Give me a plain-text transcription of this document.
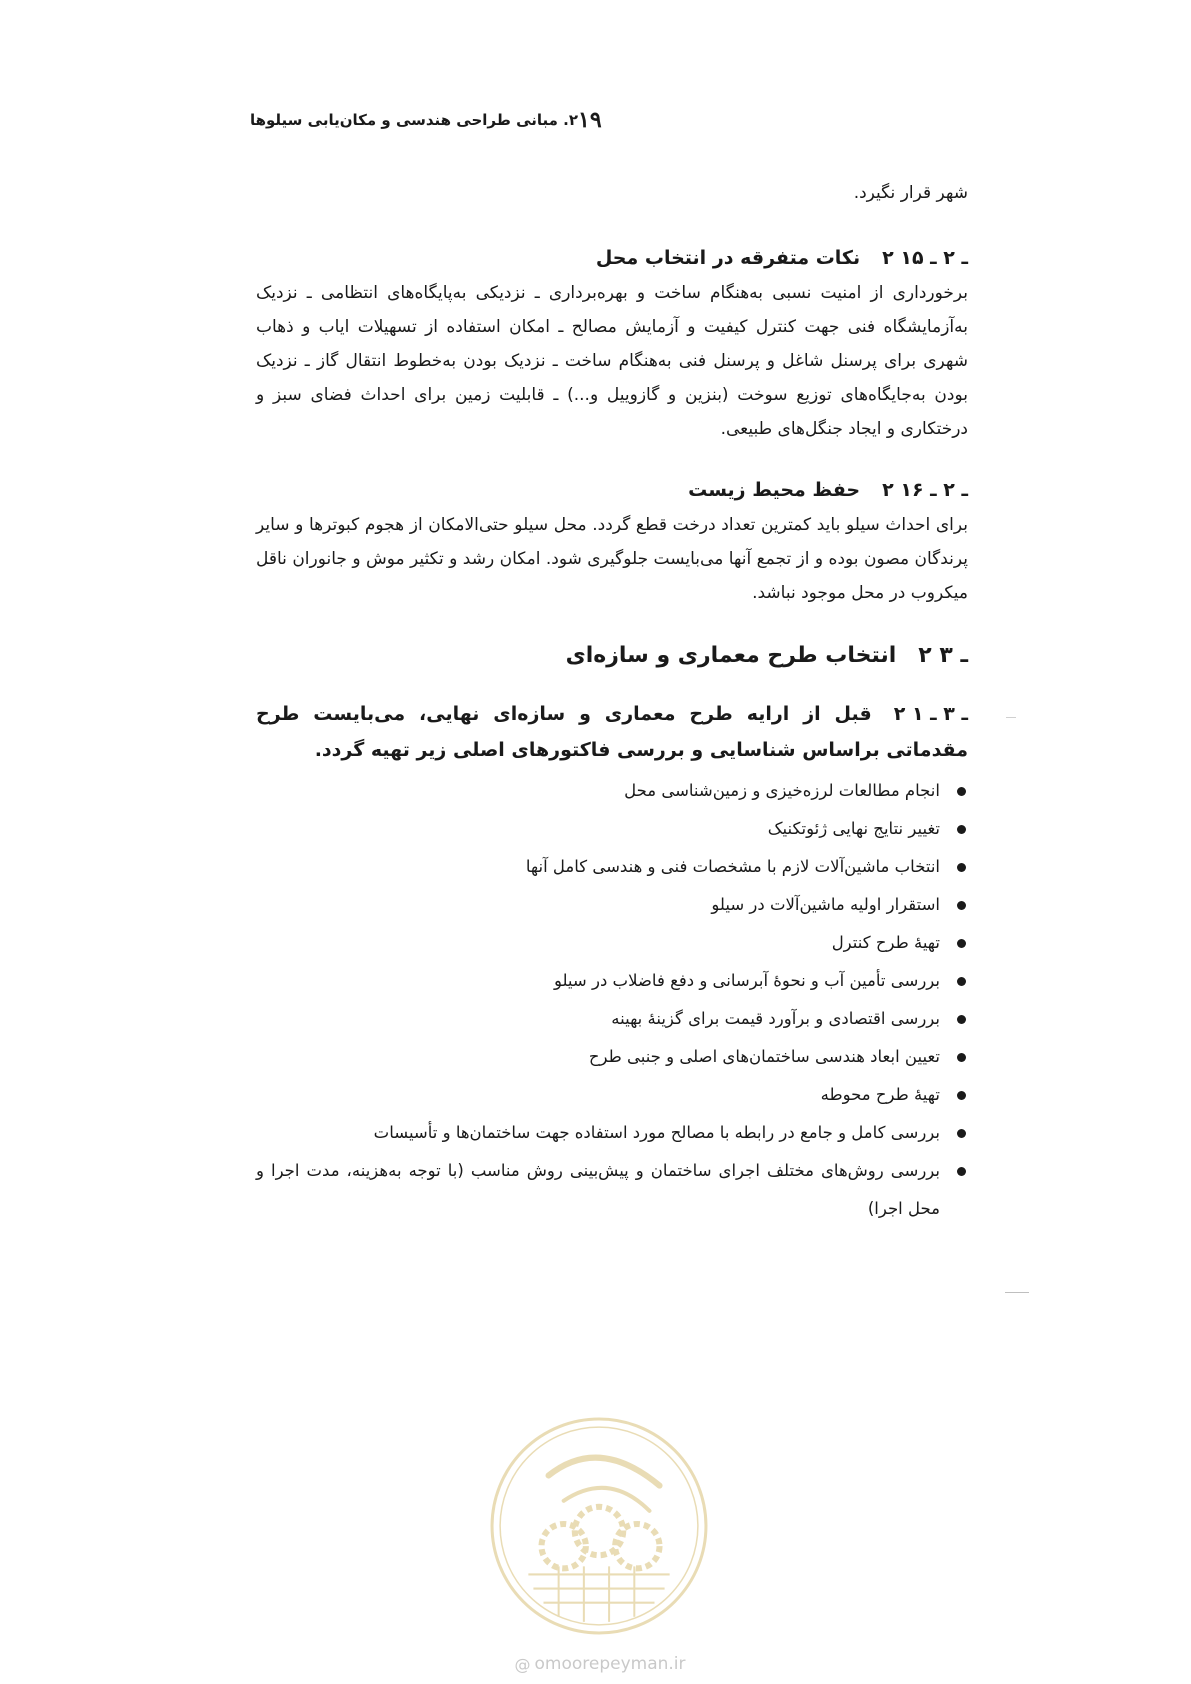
۲. مبانی طراحی هندسی و مکان‌یابی سیلوها ۱۹

شهر قرار نگیرد.

۲ ـ ۲ ـ ۱۵
نکات متفرقه در انتخاب محل

برخورداری از امنیت نسبی به‌هنگام ساخت و بهره‌برداری ـ نزدیکی به‌پایگاه‌های انتظامی ـ نزدیک به‌آزمایشگاه فنی جهت کنترل کیفیت و آزمایش مصالح ـ امکان استفاده از تسهیلات ایاب و ذهاب شهری برای پرسنل شاغل و پرسنل فنی به‌هنگام ساخت ـ نزدیک بودن به‌خطوط انتقال گاز ـ نزدیک بودن به‌جایگاه‌های توزیع سوخت (بنزین و گازوییل و...) ـ قابلیت زمین برای احداث فضای سبز و درختکاری و ایجاد جنگل‌های طبیعی.

۲ ـ ۲ ـ ۱۶
حفظ محیط زیست

برای احداث سیلو باید کمترین تعداد درخت قطع گردد. محل سیلو حتی‌الامکان از هجوم کبوترها و سایر پرندگان مصون بوده و از تجمع آنها می‌بایست جلوگیری شود. امکان رشد و تکثیر موش و جانوران ناقل میکروب در محل موجود نباشد.

۲ ـ ۳
انتخاب طرح معماری و سازه‌ای
۲ ـ ۳ ـ ۱قبل از ارایه طرح معماری و سازه‌ای نهایی، می‌بایست طرح مقدماتی براساس شناسایی و بررسی فاکتورهای اصلی زیر تهیه گردد.
انجام مطالعات لرزه‌خیزی و زمین‌شناسی محل
تغییر نتایج نهایی ژئوتکنیک
انتخاب ماشین‌آلات لازم با مشخصات فنی و هندسی کامل آنها
استقرار اولیه ماشین‌آلات در سیلو
تهیهٔ طرح کنترل
بررسی تأمین آب و نحوهٔ آبرسانی و دفع فاضلاب در سیلو
بررسی اقتصادی و برآورد قیمت برای گزینهٔ بهینه
تعیین ابعاد هندسی ساختمان‌های اصلی و جنبی طرح
تهیهٔ طرح محوطه
بررسی کامل و جامع در رابطه با مصالح مورد استفاده جهت ساختمان‌ها و تأسیسات
بررسی روش‌های مختلف اجرای ساختمان و پیش‌بینی روش مناسب (با توجه به‌هزینه، مدت اجرا و محل اجرا)
@ omoorepeyman.ir
